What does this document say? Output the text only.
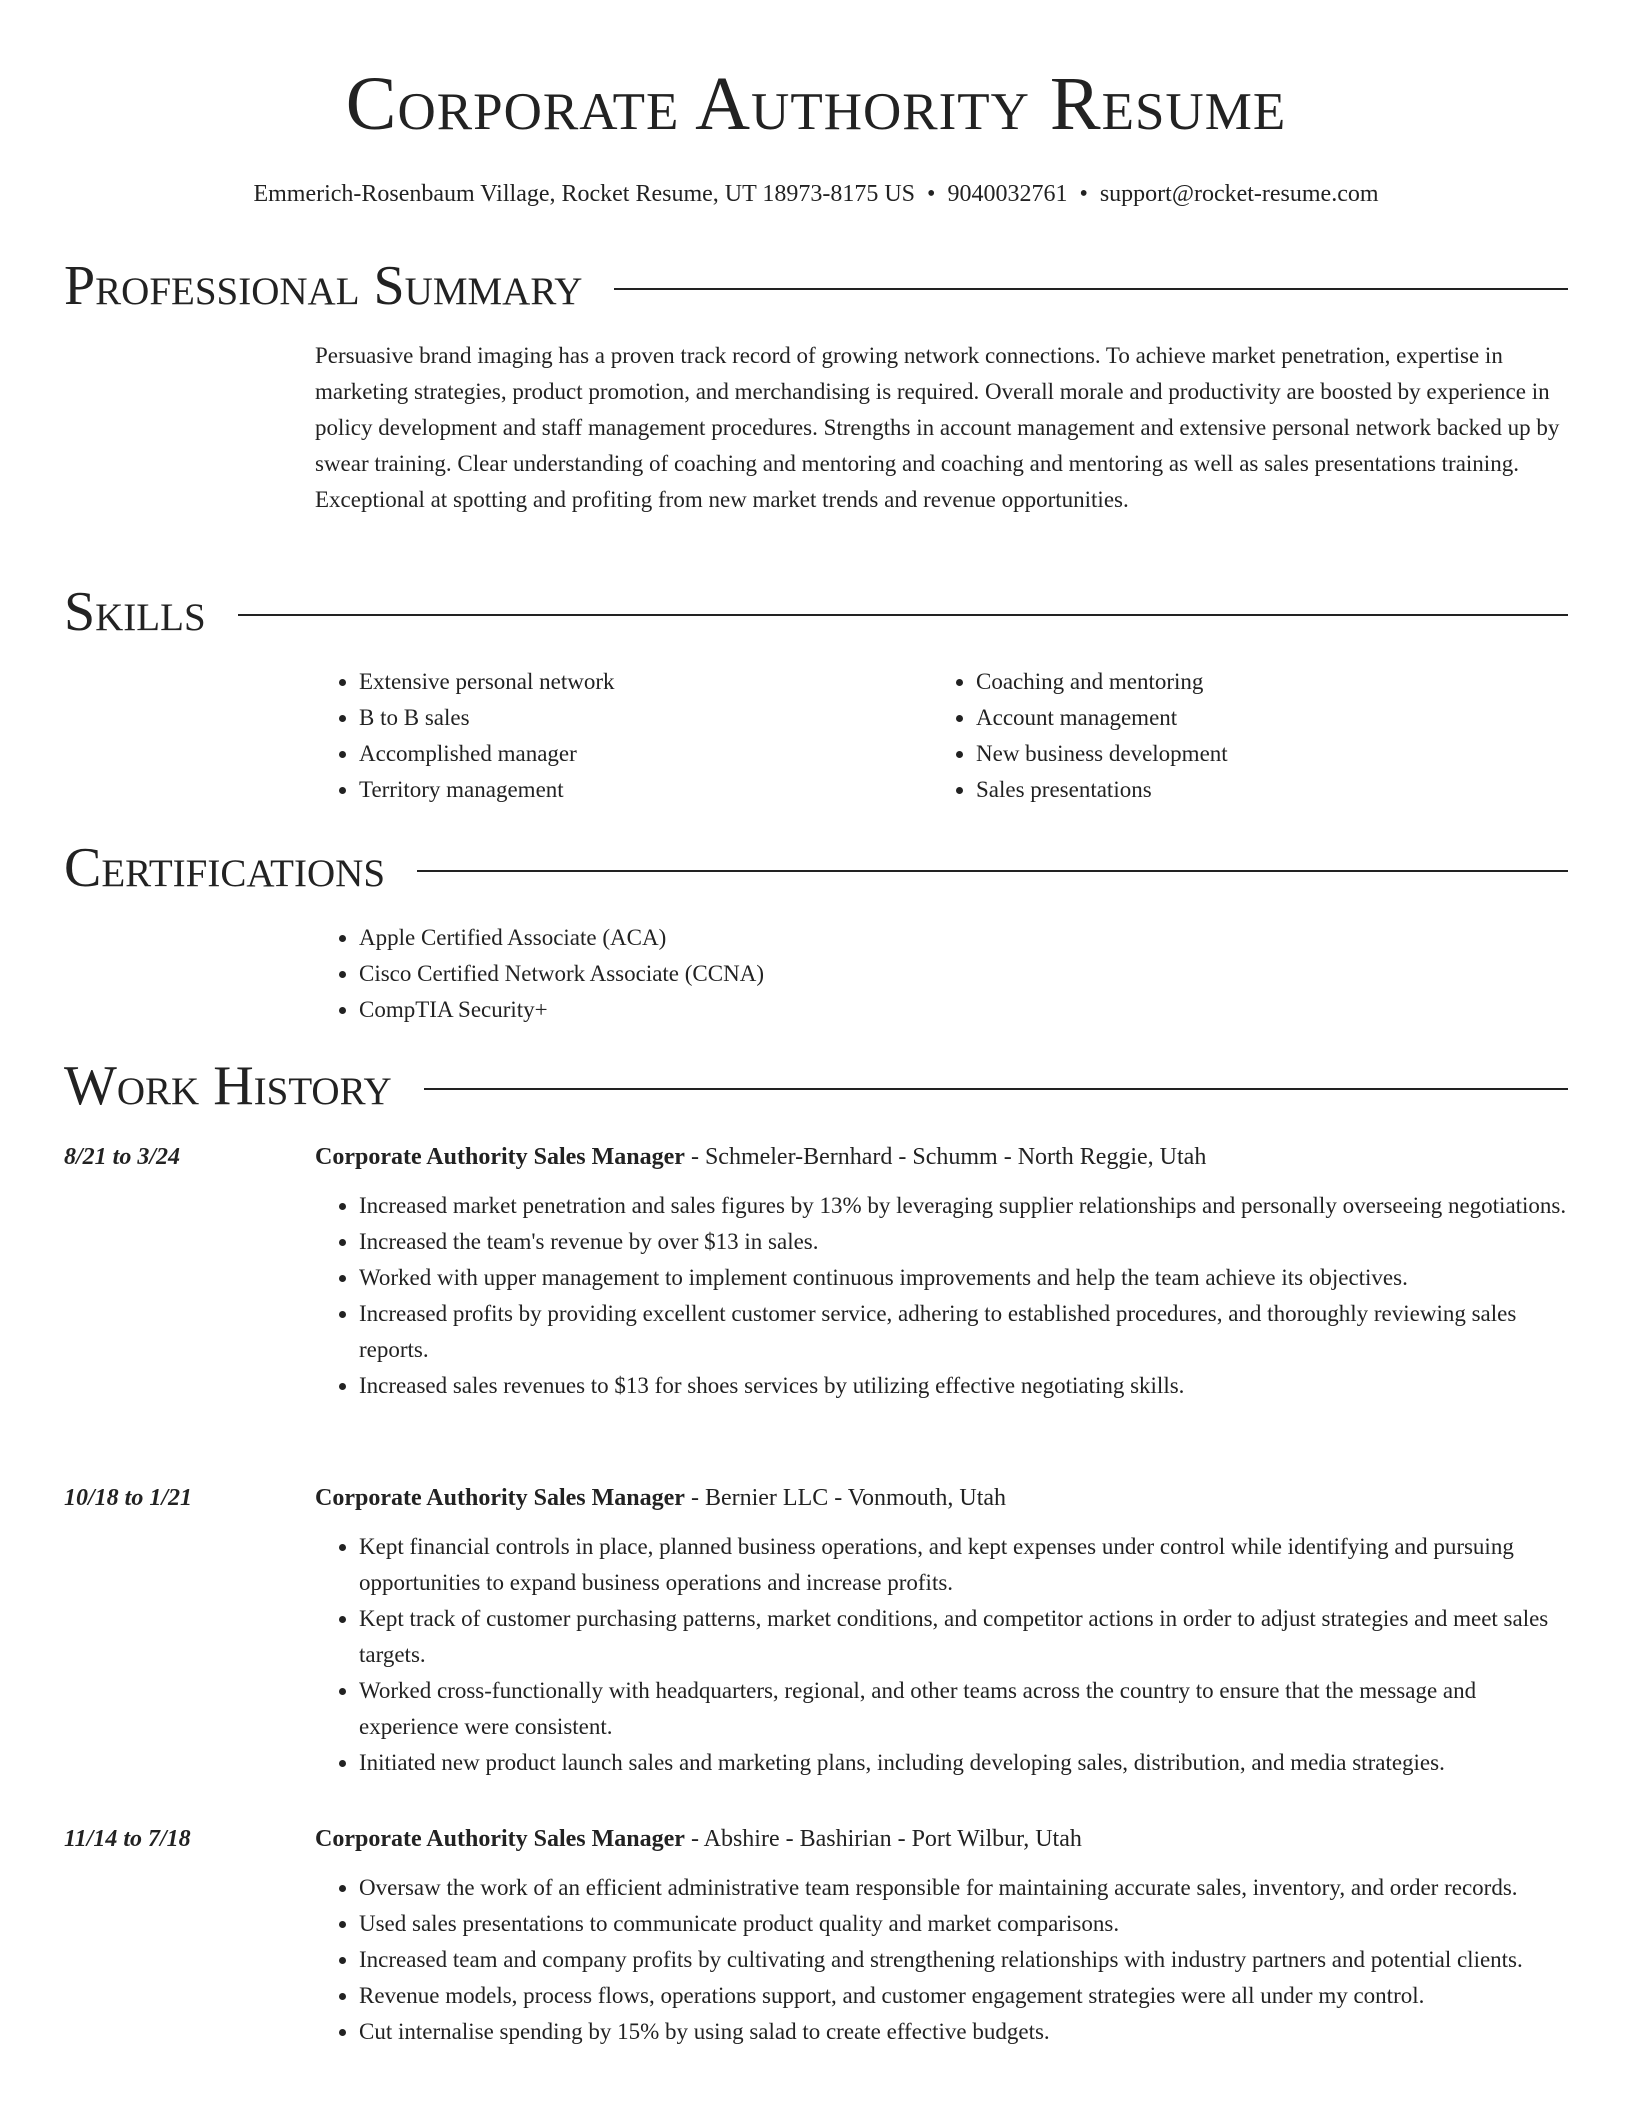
Corporate Authority Resume
Emmerich-Rosenbaum Village, Rocket Resume, UT 18973-8175 US • 9040032761 • support@rocket-resume.com
Professional Summary

Persuasive brand imaging has a proven track record of growing network connections. To achieve market penetration, expertise in marketing strategies, product promotion, and merchandising is required. Overall morale and productivity are boosted by experience in policy development and staff management procedures. Strengths in account management and extensive personal network backed up by swear training. Clear understanding of coaching and mentoring and coaching and mentoring as well as sales presentations training. Exceptional at spotting and profiting from new market trends and revenue opportunities.

Skills
• Extensive personal network
• B to B sales
• Accomplished manager
• Territory management
• Coaching and mentoring
• Account management
• New business development
• Sales presentations
Certifications
• Apple Certified Associate (ACA)
• Cisco Certified Network Associate (CCNA)
• CompTIA Security+
Work History
8/21 to 3/24	Corporate Authority Sales Manager - Schmeler-Bernhard - Schumm - North Reggie, Utah
• Increased market penetration and sales figures by 13% by leveraging supplier relationships and personally overseeing negotiations.
• Increased the team's revenue by over $13 in sales.
• Worked with upper management to implement continuous improvements and help the team achieve its objectives.
• Increased profits by providing excellent customer service, adhering to established procedures, and thoroughly reviewing sales reports.
• Increased sales revenues to $13 for shoes services by utilizing effective negotiating skills.
10/18 to 1/21	Corporate Authority Sales Manager - Bernier LLC - Vonmouth, Utah
• Kept financial controls in place, planned business operations, and kept expenses under control while identifying and pursuing opportunities to expand business operations and increase profits.
• Kept track of customer purchasing patterns, market conditions, and competitor actions in order to adjust strategies and meet sales targets.
• Worked cross-functionally with headquarters, regional, and other teams across the country to ensure that the message and experience were consistent.
• Initiated new product launch sales and marketing plans, including developing sales, distribution, and media strategies.
11/14 to 7/18	Corporate Authority Sales Manager - Abshire - Bashirian - Port Wilbur, Utah
• Oversaw the work of an efficient administrative team responsible for maintaining accurate sales, inventory, and order records.
• Used sales presentations to communicate product quality and market comparisons.
• Increased team and company profits by cultivating and strengthening relationships with industry partners and potential clients.
• Revenue models, process flows, operations support, and customer engagement strategies were all under my control.
• Cut internalise spending by 15% by using salad to create effective budgets.
